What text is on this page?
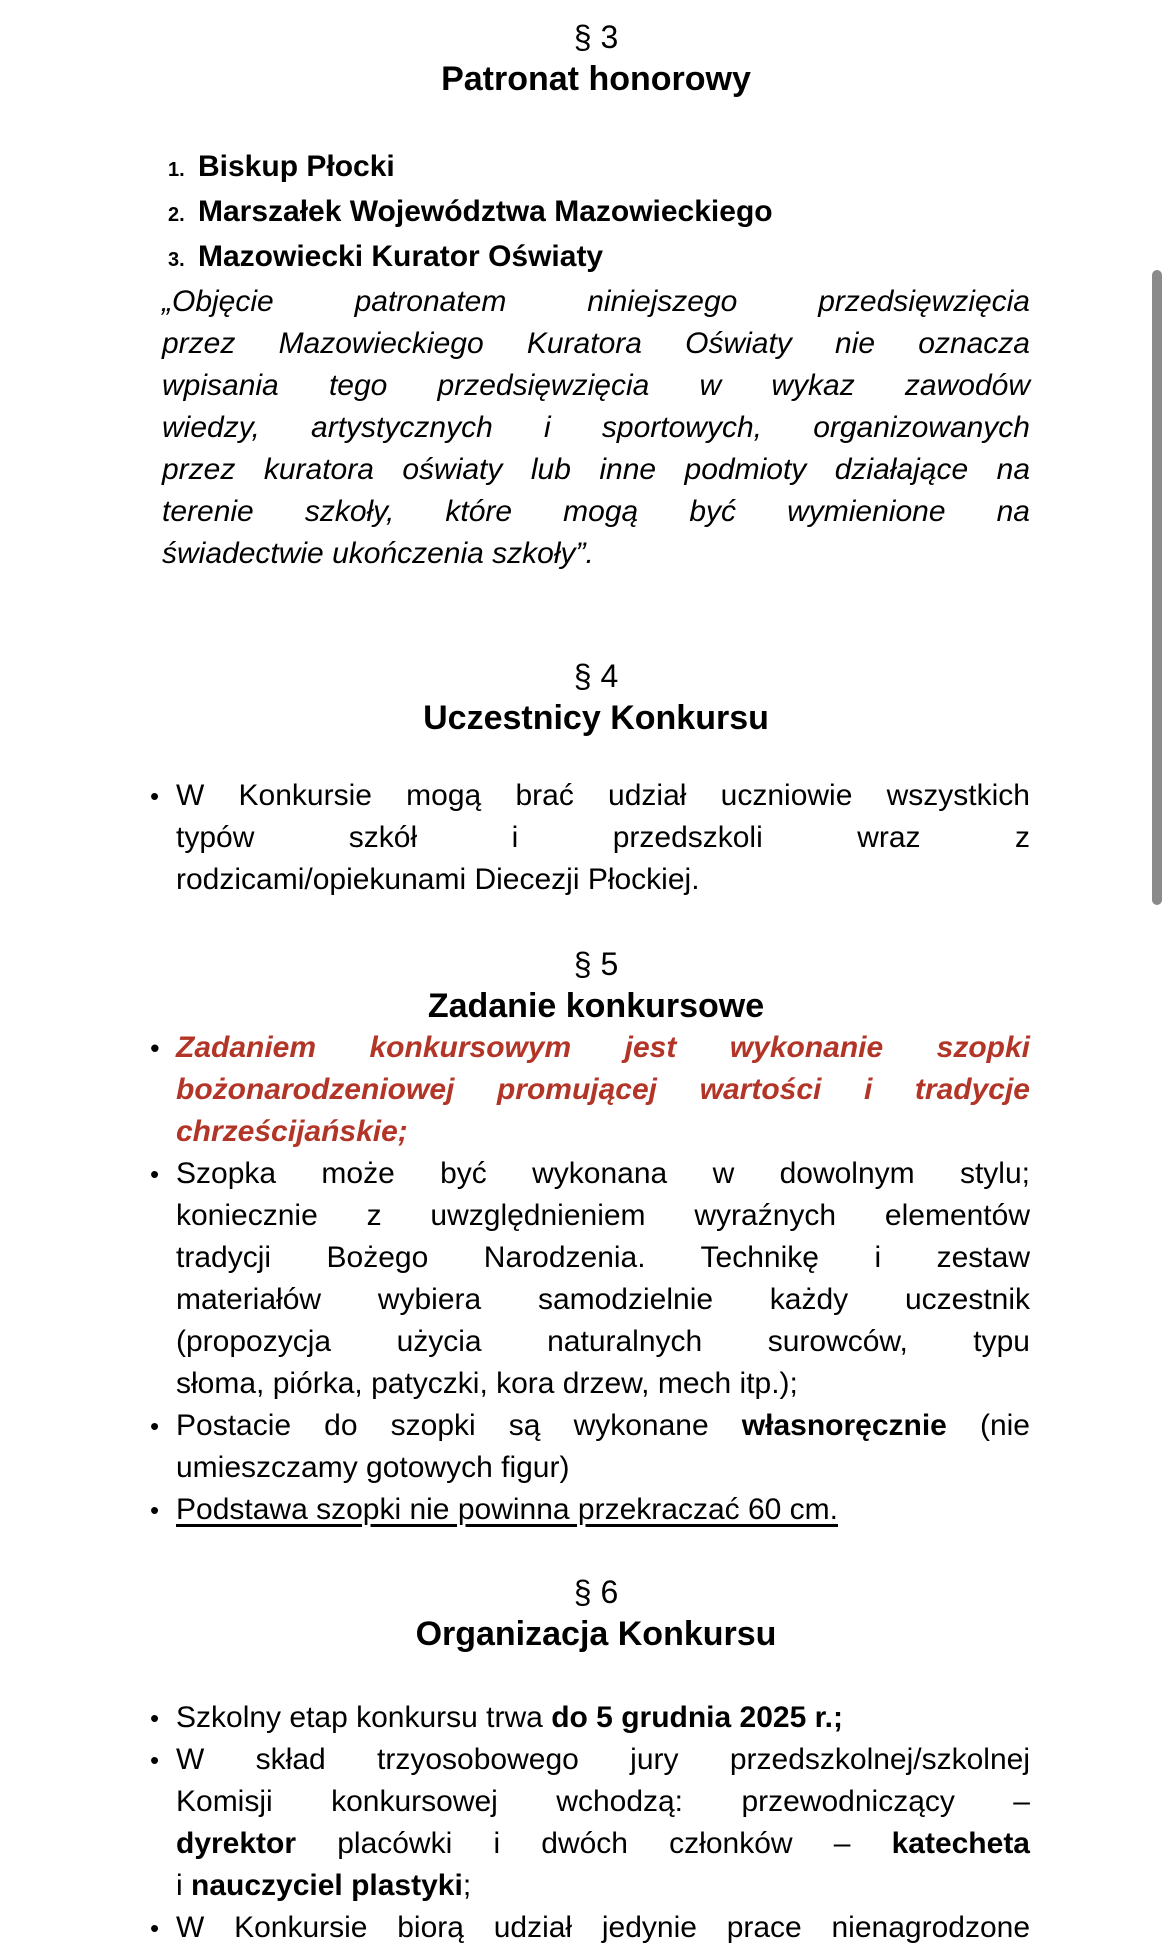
§ 3
Patronat honorowy
1. Biskup Płocki
2. Marszałek Województwa Mazowieckiego
3. Mazowiecki Kurator Oświaty
„Objęcie patronatem niniejszego przedsięwzięcia
przez Mazowieckiego Kuratora Oświaty nie oznacza
wpisania tego przedsięwzięcia w wykaz zawodów
wiedzy, artystycznych i sportowych, organizowanych
przez kuratora oświaty lub inne podmioty działające na
terenie szkoły, które mogą być wymienione na
świadectwie ukończenia szkoły”.
§ 4
Uczestnicy Konkursu
• W Konkursie mogą brać udział uczniowie wszystkich
typów szkół i przedszkoli wraz z
rodzicami/opiekunami Diecezji Płockiej.
§ 5
Zadanie konkursowe
• Zadaniem konkursowym jest wykonanie szopki
bożonarodzeniowej promującej wartości i tradycje
chrześcijańskie;
• Szopka może być wykonana w dowolnym stylu;
koniecznie z uwzględnieniem wyraźnych elementów
tradycji Bożego Narodzenia. Technikę i zestaw
materiałów wybiera samodzielnie każdy uczestnik
(propozycja użycia naturalnych surowców, typu
słoma, piórka, patyczki, kora drzew, mech itp.);
• Postacie do szopki są wykonane własnoręcznie (nie
umieszczamy gotowych figur)
• Podstawa szopki nie powinna przekraczać 60 cm.
§ 6
Organizacja Konkursu
• Szkolny etap konkursu trwa do 5 grudnia 2025 r.;
• W skład trzyosobowego jury przedszkolnej/szkolnej
Komisji konkursowej wchodzą: przewodniczący –
dyrektor placówki i dwóch członków – katecheta
i nauczyciel plastyki;
• W Konkursie biorą udział jedynie prace nienagrodzone
